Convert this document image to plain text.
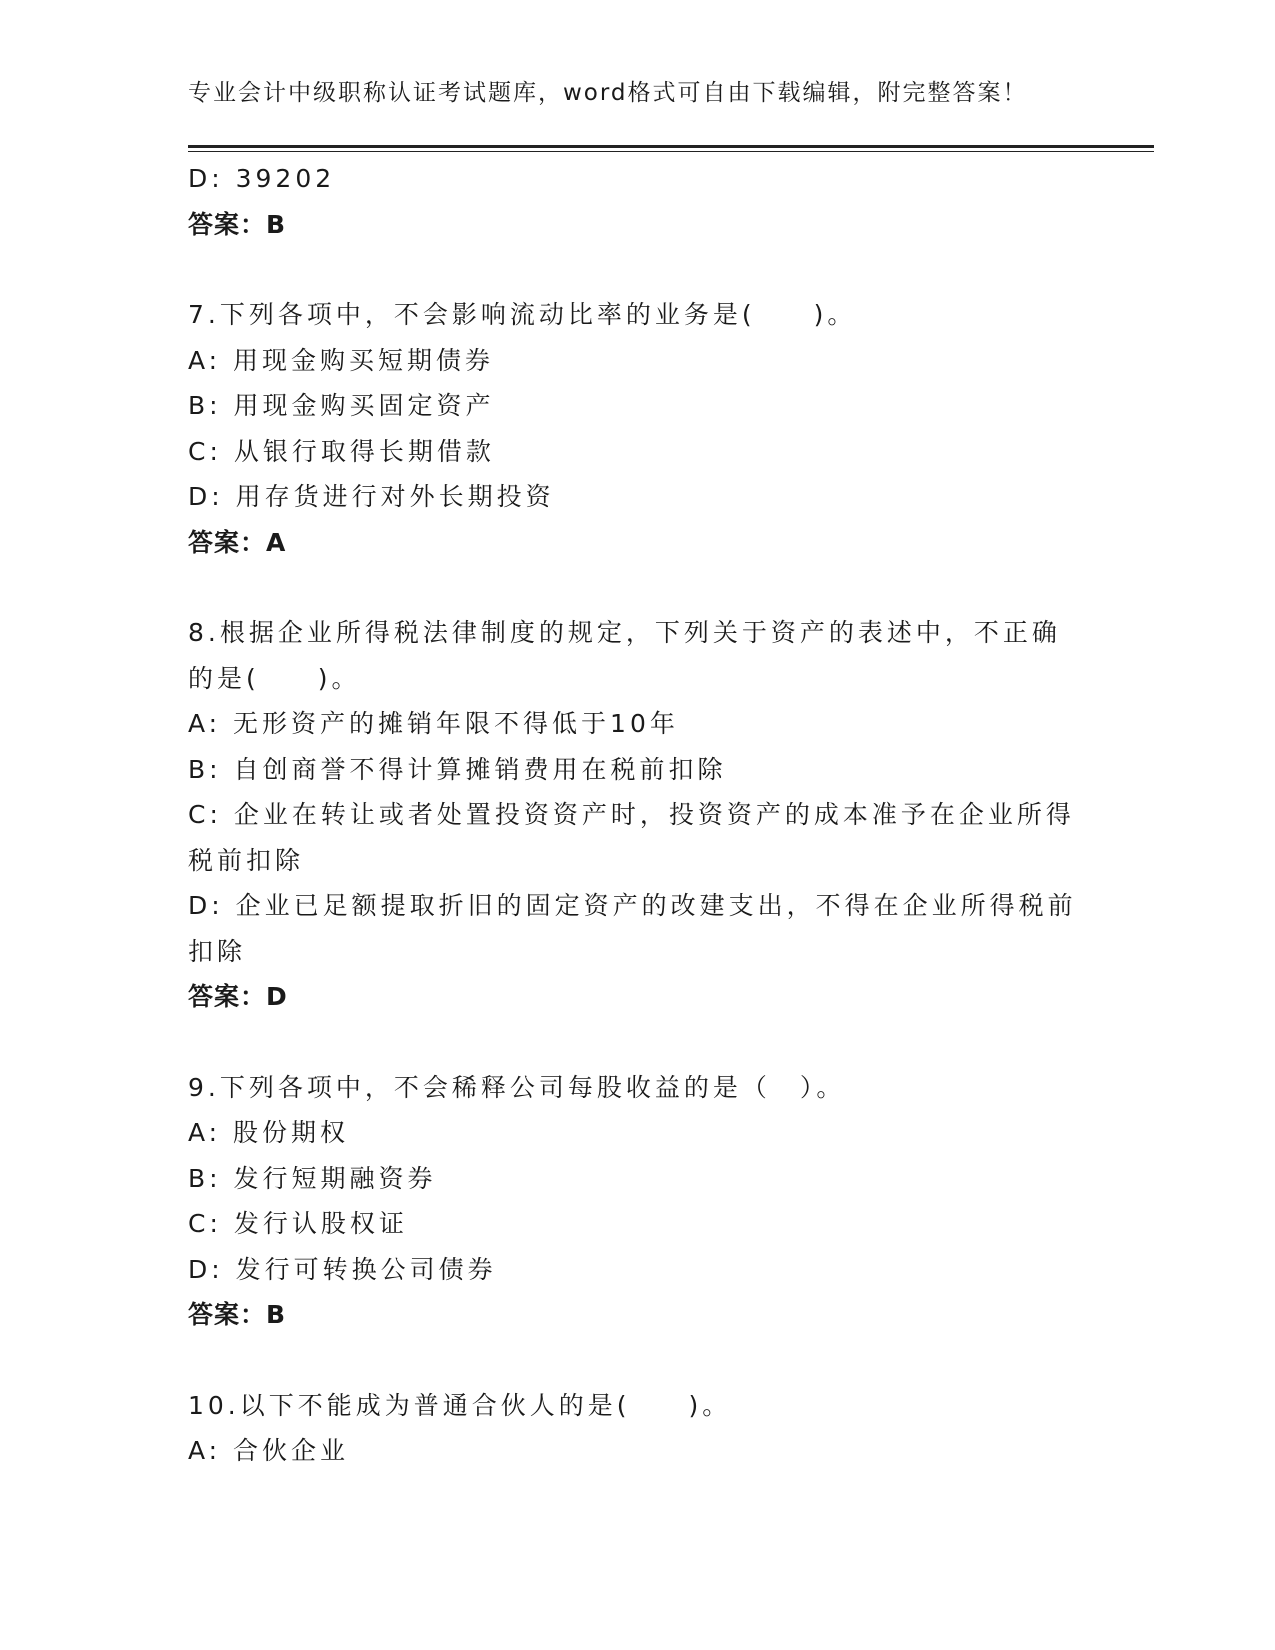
专业会计中级职称认证考试题库，word格式可自由下载编辑，附完整答案！

D: 39202

答案：B

7.下列各项中，不会影响流动比率的业务是(　　)。

A: 用现金购买短期债券

B: 用现金购买固定资产

C: 从银行取得长期借款

D: 用存货进行对外长期投资

答案：A

8.根据企业所得税法律制度的规定，下列关于资产的表述中，不正确

的是(　　)。

A: 无形资产的摊销年限不得低于10年

B: 自创商誉不得计算摊销费用在税前扣除

C: 企业在转让或者处置投资资产时，投资资产的成本准予在企业所得

税前扣除

D: 企业已足额提取折旧的固定资产的改建支出，不得在企业所得税前

扣除

答案：D

9.下列各项中，不会稀释公司每股收益的是（　）。

A: 股份期权

B: 发行短期融资券

C: 发行认股权证

D: 发行可转换公司债券

答案：B

10.以下不能成为普通合伙人的是(　　)。

A: 合伙企业
